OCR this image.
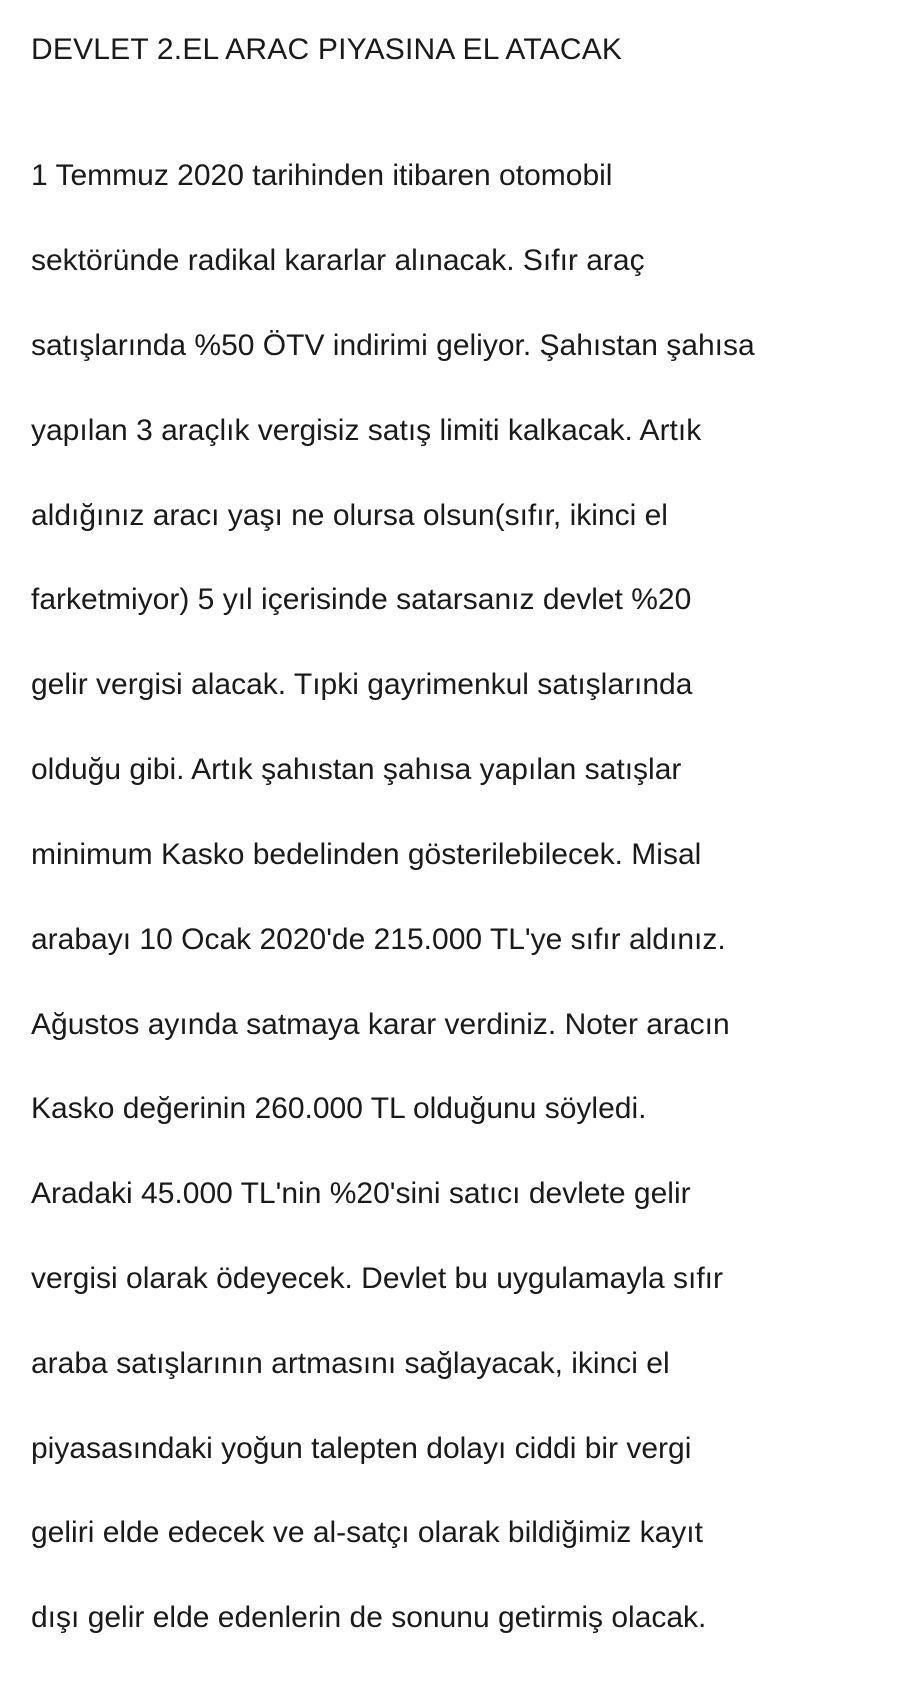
DEVLET 2.EL ARAC PIYASINA EL ATACAK

1 Temmuz 2020 tarihinden itibaren otomobil

sektöründe radikal kararlar alınacak. Sıfır araç

satışlarında %50 ÖTV indirimi geliyor. Şahıstan şahısa

yapılan 3 araçlık vergisiz satış limiti kalkacak. Artık

aldığınız aracı yaşı ne olursa olsun(sıfır, ikinci el

farketmiyor) 5 yıl içerisinde satarsanız devlet %20

gelir vergisi alacak. Tıpki gayrimenkul satışlarında

olduğu gibi. Artık şahıstan şahısa yapılan satışlar

minimum Kasko bedelinden gösterilebilecek. Misal

arabayı 10 Ocak 2020'de 215.000 TL'ye sıfır aldınız.

Ağustos ayında satmaya karar verdiniz. Noter aracın

Kasko değerinin 260.000 TL olduğunu söyledi.

Aradaki 45.000 TL'nin %20'sini satıcı devlete gelir

vergisi olarak ödeyecek. Devlet bu uygulamayla sıfır

araba satışlarının artmasını sağlayacak, ikinci el

piyasasındaki yoğun talepten dolayı ciddi bir vergi

geliri elde edecek ve al-satçı olarak bildiğimiz kayıt

dışı gelir elde edenlerin de sonunu getirmiş olacak.
